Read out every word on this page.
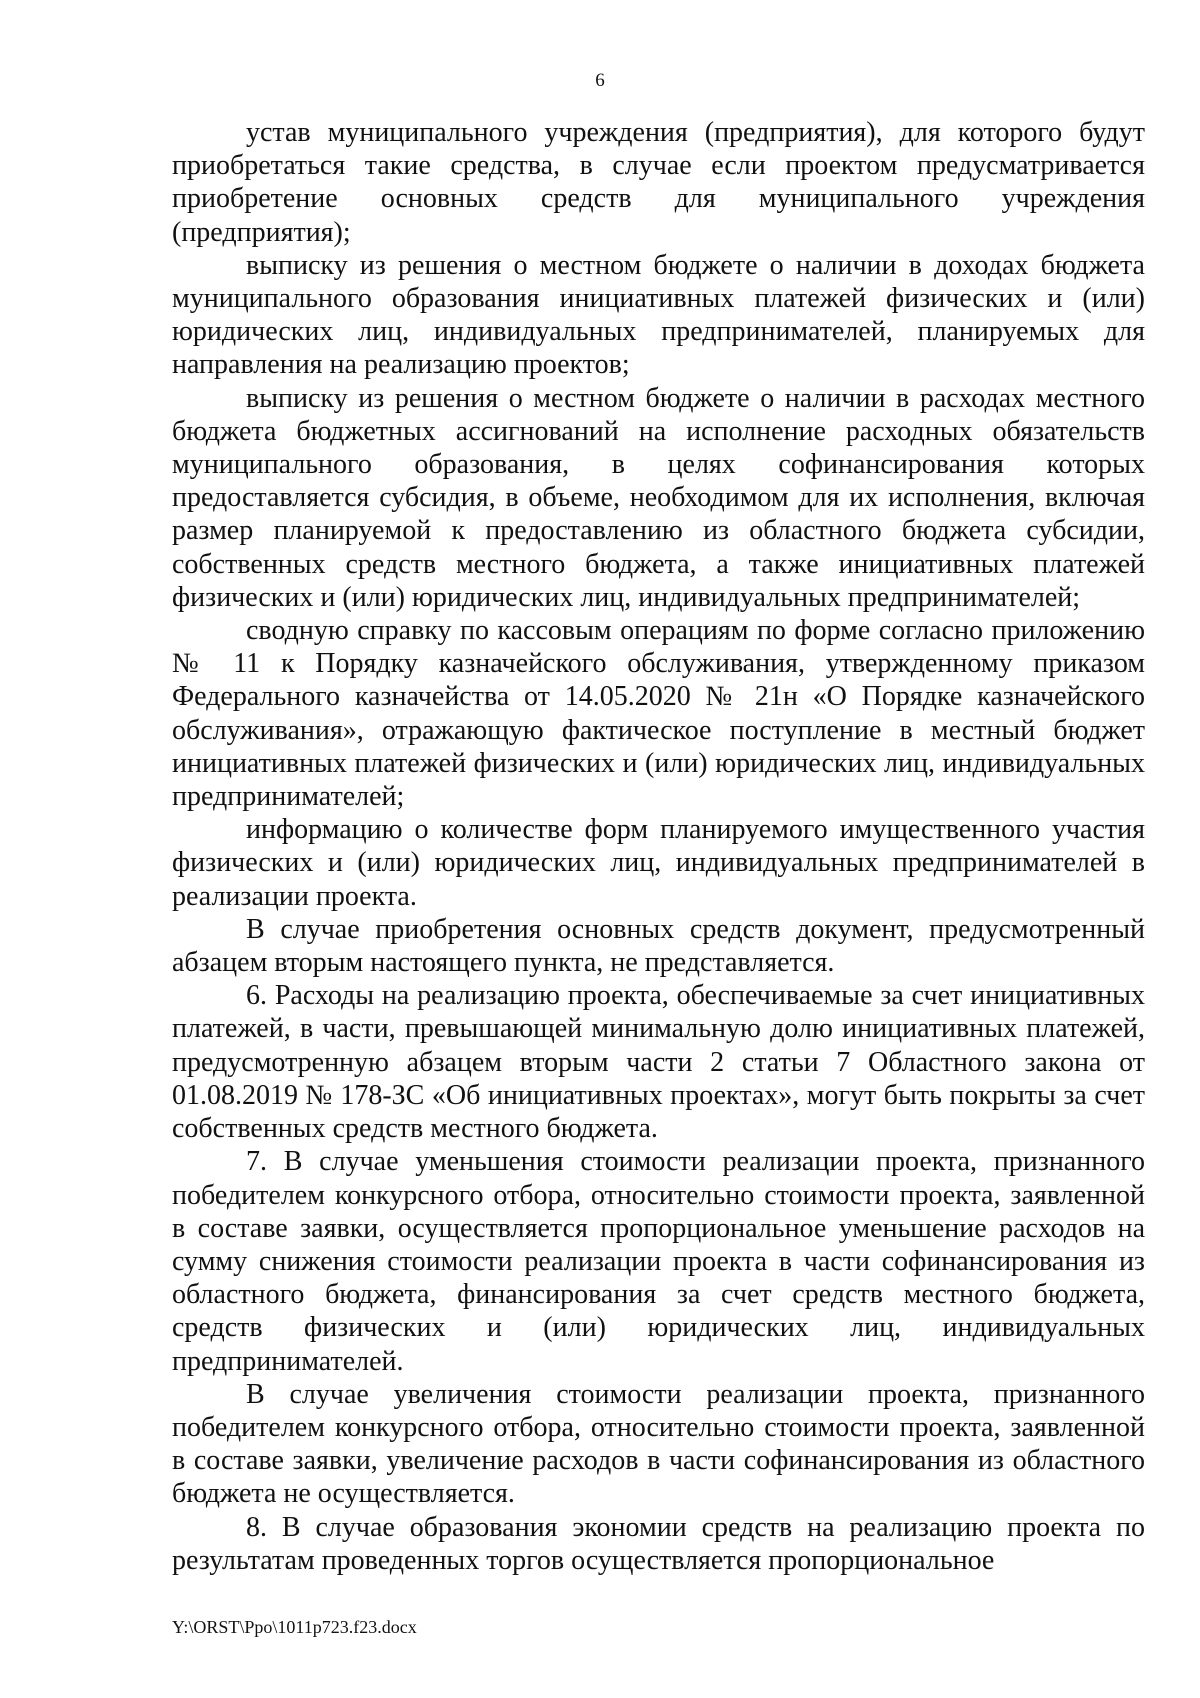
6

устав муниципального учреждения (предприятия), для которого будут приобретаться такие средства, в случае если проектом предусматривается приобретение основных средств для муниципального учреждения (предприятия);

выписку из решения о местном бюджете о наличии в доходах бюджета муниципального образования инициативных платежей физических и (или) юридических лиц, индивидуальных предпринимателей, планируемых для направления на реализацию проектов;

выписку из решения о местном бюджете о наличии в расходах местного бюджета бюджетных ассигнований на исполнение расходных обязательств муниципального образования, в целях софинансирования которых предоставляется субсидия, в объеме, необходимом для их исполнения, включая размер планируемой к предоставлению из областного бюджета субсидии, собственных средств местного бюджета, а также инициативных платежей физических и (или) юридических лиц, индивидуальных предпринимателей;

сводную справку по кассовым операциям по форме согласно приложению № 11 к Порядку казначейского обслуживания, утвержденному приказом Федерального казначейства от 14.05.2020 № 21н «О Порядке казначейского обслуживания», отражающую фактическое поступление в местный бюджет инициативных платежей физических и (или) юридических лиц, индивидуальных предпринимателей;

информацию о количестве форм планируемого имущественного участия физических и (или) юридических лиц, индивидуальных предпринимателей в реализации проекта.

В случае приобретения основных средств документ, предусмотренный абзацем вторым настоящего пункта, не представляется.

6. Расходы на реализацию проекта, обеспечиваемые за счет инициативных платежей, в части, превышающей минимальную долю инициативных платежей, предусмотренную абзацем вторым части 2 статьи 7 Областного закона от 01.08.2019 № 178-ЗС «Об инициативных проектах», могут быть покрыты за счет собственных средств местного бюджета.

7. В случае уменьшения стоимости реализации проекта, признанного победителем конкурсного отбора, относительно стоимости проекта, заявленной в составе заявки, осуществляется пропорциональное уменьшение расходов на сумму снижения стоимости реализации проекта в части софинансирования из областного бюджета, финансирования за счет средств местного бюджета, средств физических и (или) юридических лиц, индивидуальных предпринимателей.

В случае увеличения стоимости реализации проекта, признанного победителем конкурсного отбора, относительно стоимости проекта, заявленной в составе заявки, увеличение расходов в части софинансирования из областного бюджета не осуществляется.

8. В случае образования экономии средств на реализацию проекта по результатам проведенных торгов осуществляется пропорциональное

Y:\ORST\Ppo\1011p723.f23.docx
